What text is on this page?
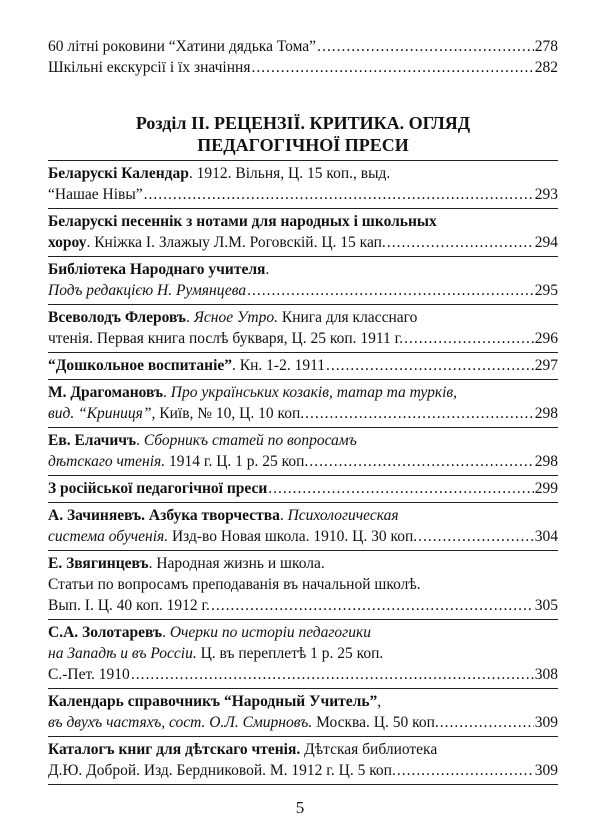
60 літні роковини “Хатини дядька Тома” .....	278
Шкільні екскурсії і їх значіння .....	282
Розділ ІІ. РЕЦЕНЗІЇ. КРИТИКА. ОГЛЯД
ПЕДАГОГІЧНОЇ ПРЕСИ
Беларускі Календар. 1912. Вільня, Ц. 15 коп., выд.
“Нашае Нівы” .....	293
Беларускі песеннік з нотами для народных і школьных
хороу. Кніжка І. Злажыу Л.М. Роговскій. Ц. 15 кап. .....	294
Библіотека Народнаго учителя.
Подъ редакцією Н. Румянцева .....	295
Всеволодъ Флеровъ. Ясное Утро. Книга для класснаго
чтенія. Первая книга послѣ букваря, Ц. 25 коп. 1911 г. .....	296
“Дошкольное воспитаніе”. Кн. 1-2. 1911 .....	297
М. Драгомановъ. Про українських козаків, татар та турків,
вид. “Криниця”, Київ, № 10, Ц. 10 коп. .....	298
Ев. Елачичъ. Сборникъ статей по вопросамъ
дѣтскаго чтенія. 1914 г. Ц. 1 р. 25 коп. .....	298
З російської педагогічної преси .....	299
А. Зачиняевъ. Азбука творчества. Психологическая
система обученія. Изд-во Новая школа. 1910. Ц. 30 коп. .....	304
Е. Звягинцевъ. Народная жизнь и школа.
Статьи по вопросамъ преподаванія въ начальной школѣ.
Вып. І. Ц. 40 коп. 1912 г. .....	305
С.А. Золотаревъ. Очерки по исторіи педагогики
на Западѣ и въ Россіи. Ц. въ переплетѣ 1 р. 25 коп.
С.-Пет. 1910 .....	308
Календарь справочникъ “Народный Учитель”,
въ двухъ частяхъ, сост. О.Л. Смирновъ. Москва. Ц. 50 коп. .....	309
Каталогъ книг для дѣтскаго чтенія. Дѣтская библиотека
Д.Ю. Доброй. Изд. Бердниковой. М. 1912 г. Ц. 5 коп. .....	309
5
